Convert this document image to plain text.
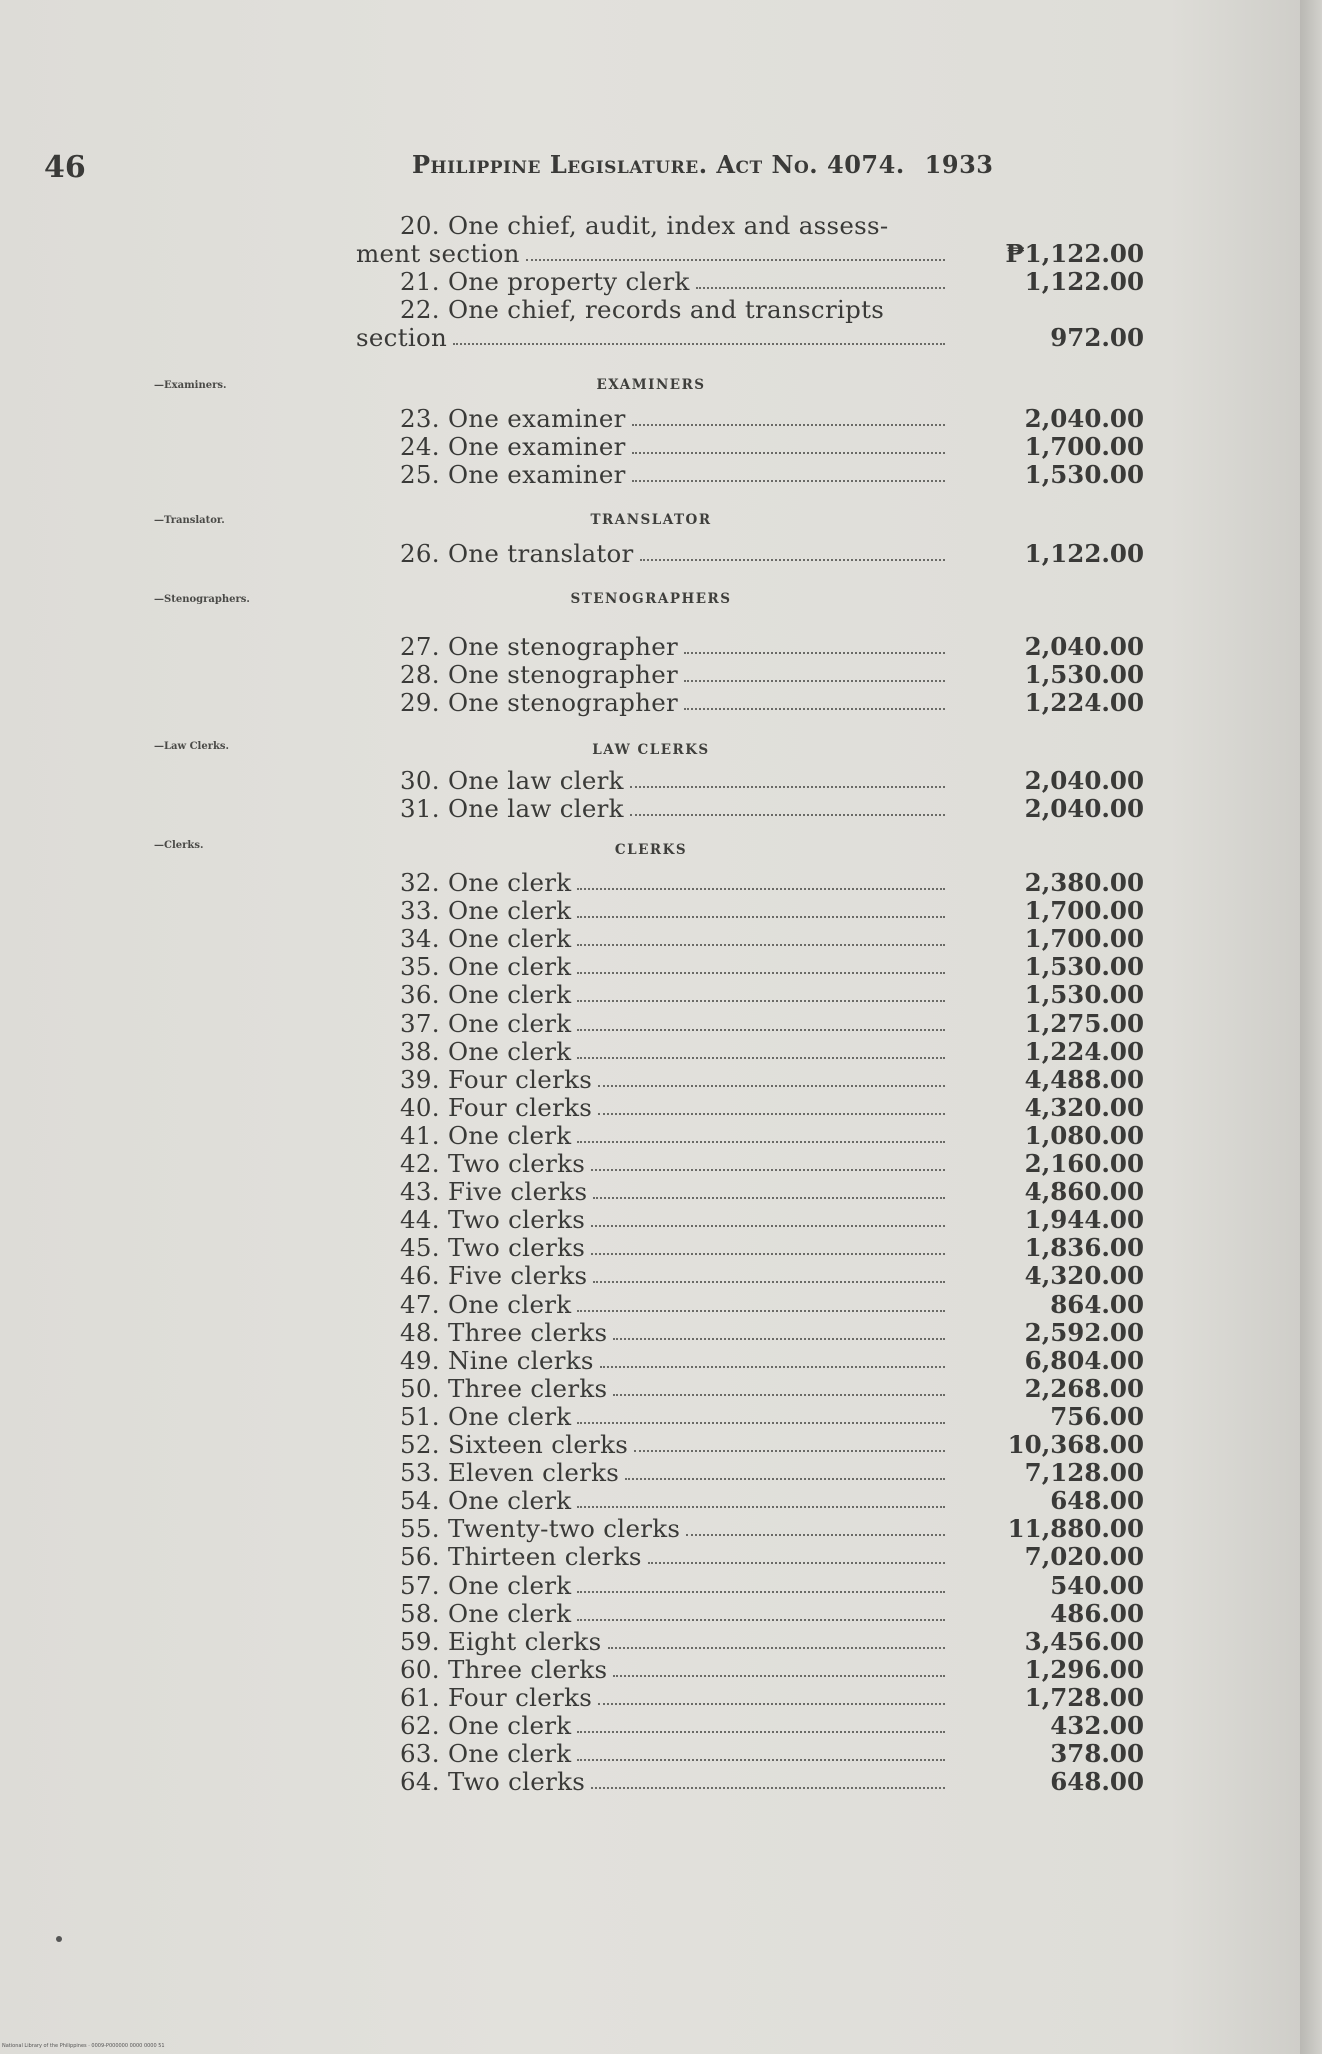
46	Philippine Legislature. Act No. 4074. 1933
—Examiners.
—Translator.
—Stenographers.
—Law Clerks.
—Clerks.
EXAMINERS
TRANSLATOR
STENOGRAPHERS
LAW CLERKS
CLERKS
20. One chief, audit, index and assess-
ment section	₱1,122.00
21. One property clerk	1,122.00
22. One chief, records and transcripts
section	972.00
23. One examiner	2,040.00
24. One examiner	1,700.00
25. One examiner	1,530.00
26. One translator	1,122.00
27. One stenographer	2,040.00
28. One stenographer	1,530.00
29. One stenographer	1,224.00
30. One law clerk	2,040.00
31. One law clerk	2,040.00
32. One clerk	2,380.00
33. One clerk	1,700.00
34. One clerk	1,700.00
35. One clerk	1,530.00
36. One clerk	1,530.00
37. One clerk	1,275.00
38. One clerk	1,224.00
39. Four clerks	4,488.00
40. Four clerks	4,320.00
41. One clerk	1,080.00
42. Two clerks	2,160.00
43. Five clerks	4,860.00
44. Two clerks	1,944.00
45. Two clerks	1,836.00
46. Five clerks	4,320.00
47. One clerk	864.00
48. Three clerks	2,592.00
49. Nine clerks	6,804.00
50. Three clerks	2,268.00
51. One clerk	756.00
52. Sixteen clerks	10,368.00
53. Eleven clerks	7,128.00
54. One clerk	648.00
55. Twenty-two clerks	11,880.00
56. Thirteen clerks	7,020.00
57. One clerk	540.00
58. One clerk	486.00
59. Eight clerks	3,456.00
60. Three clerks	1,296.00
61. Four clerks	1,728.00
62. One clerk	432.00
63. One clerk	378.00
64. Two clerks	648.00
National Library of the Philippines · 0009-P000000 0000 0000 51
